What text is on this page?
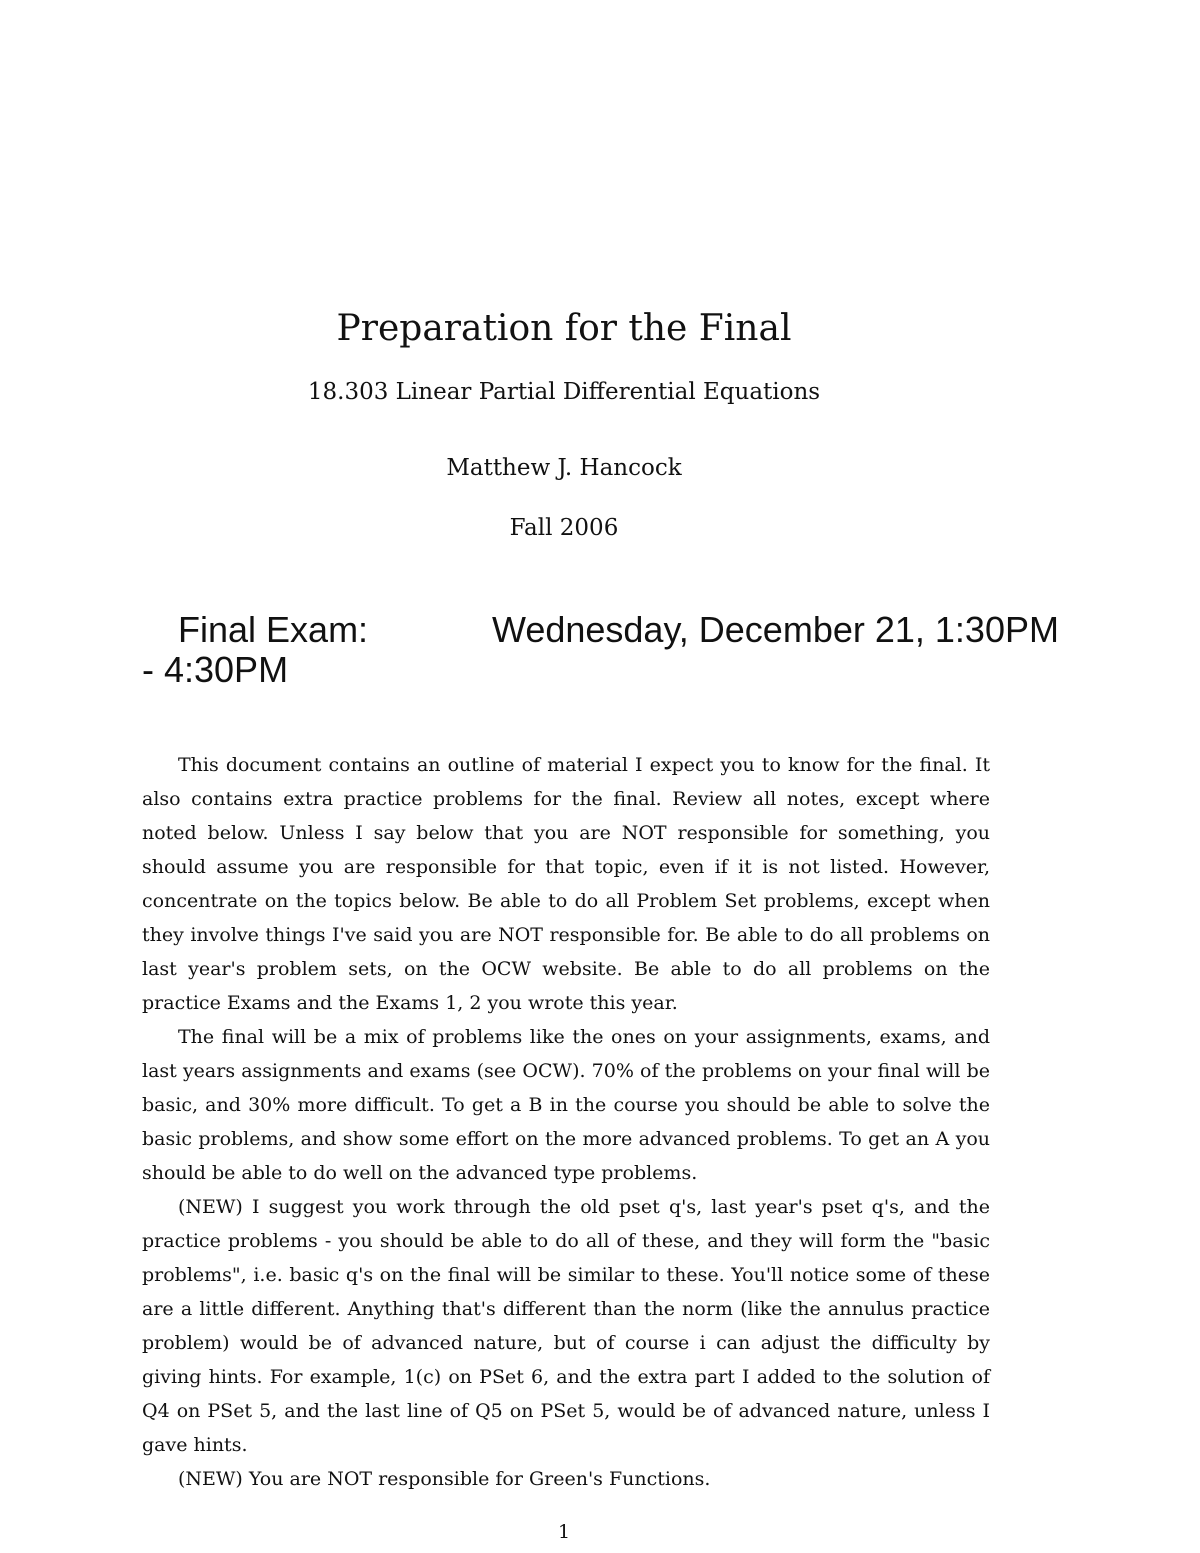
Preparation for the Final
18.303 Linear Partial Differential Equations
Matthew J. Hancock
Fall 2006
Final Exam:	Wednesday, December 21, 1:30PM
- 4:30PM

This document contains an outline of material I expect you to know for the final. It also contains extra practice problems for the final. Review all notes, except where noted below. Unless I say below that you are NOT responsible for something, you should assume you are responsible for that topic, even if it is not listed. However, concentrate on the topics below. Be able to do all Problem Set problems, except when they involve things I've said you are NOT responsible for. Be able to do all problems on last year's problem sets, on the OCW website. Be able to do all problems on the practice Exams and the Exams 1, 2 you wrote this year.

The final will be a mix of problems like the ones on your assignments, exams, and last years assignments and exams (see OCW). 70% of the problems on your final will be basic, and 30% more difficult. To get a B in the course you should be able to solve the basic problems, and show some effort on the more advanced problems. To get an A you should be able to do well on the advanced type problems.

(NEW) I suggest you work through the old pset q's, last year's pset q's, and the practice problems - you should be able to do all of these, and they will form the "basic problems", i.e. basic q's on the final will be similar to these. You'll notice some of these are a little different. Anything that's different than the norm (like the annulus practice problem) would be of advanced nature, but of course i can adjust the difficulty by giving hints. For example, 1(c) on PSet 6, and the extra part I added to the solution of Q4 on PSet 5, and the last line of Q5 on PSet 5, would be of advanced nature, unless I gave hints.

(NEW) You are NOT responsible for Green's Functions.

1
